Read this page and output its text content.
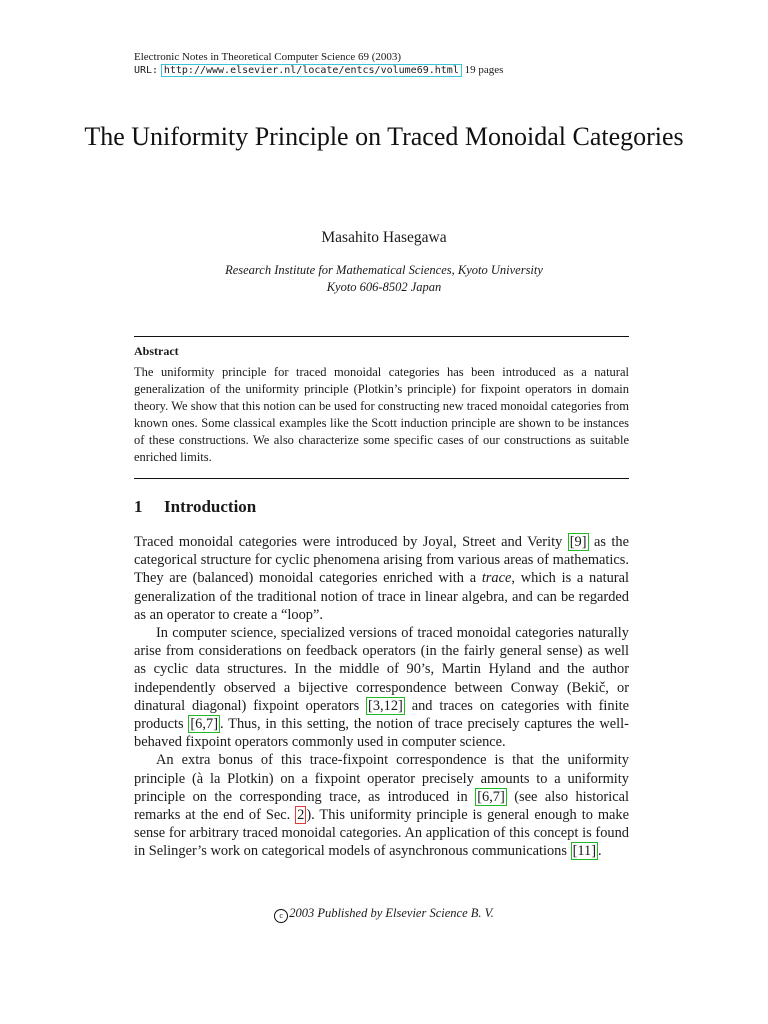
Electronic Notes in Theoretical Computer Science 69 (2003)
URL: http://www.elsevier.nl/locate/entcs/volume69.html 19 pages
The Uniformity Principle on Traced Monoidal Categories
Masahito Hasegawa
Research Institute for Mathematical Sciences, Kyoto University
Kyoto 606-8502 Japan
Abstract
The uniformity principle for traced monoidal categories has been introduced as a natural generalization of the uniformity principle (Plotkin’s principle) for fixpoint operators in domain theory. We show that this notion can be used for constructing new traced monoidal categories from known ones. Some classical examples like the Scott induction principle are shown to be instances of these constructions. We also characterize some specific cases of our constructions as suitable enriched limits.
1 Introduction

Traced monoidal categories were introduced by Joyal, Street and Verity [9] as the categorical structure for cyclic phenomena arising from various areas of mathematics. They are (balanced) monoidal categories enriched with a trace, which is a natural generalization of the traditional notion of trace in linear algebra, and can be regarded as an operator to create a “loop”.

In computer science, specialized versions of traced monoidal categories naturally arise from considerations on feedback operators (in the fairly general sense) as well as cyclic data structures. In the middle of 90’s, Martin Hyland and the author independently observed a bijective correspondence between Conway (Bekič, or dinatural diagonal) fixpoint operators [3,12] and traces on categories with finite products [6,7] . Thus, in this setting, the notion of trace precisely captures the well-behaved fixpoint operators commonly used in computer science.

An extra bonus of this trace-fixpoint correspondence is that the uniformity principle (à la Plotkin) on a fixpoint operator precisely amounts to a uniformity principle on the corresponding trace, as introduced in [6,7] (see also historical remarks at the end of Sec. 2 ). This uniformity principle is general enough to make sense for arbitrary traced monoidal categories. An application of this concept is found in Selinger’s work on categorical models of asynchronous communications [11] .

c 2003 Published by Elsevier Science B. V.
